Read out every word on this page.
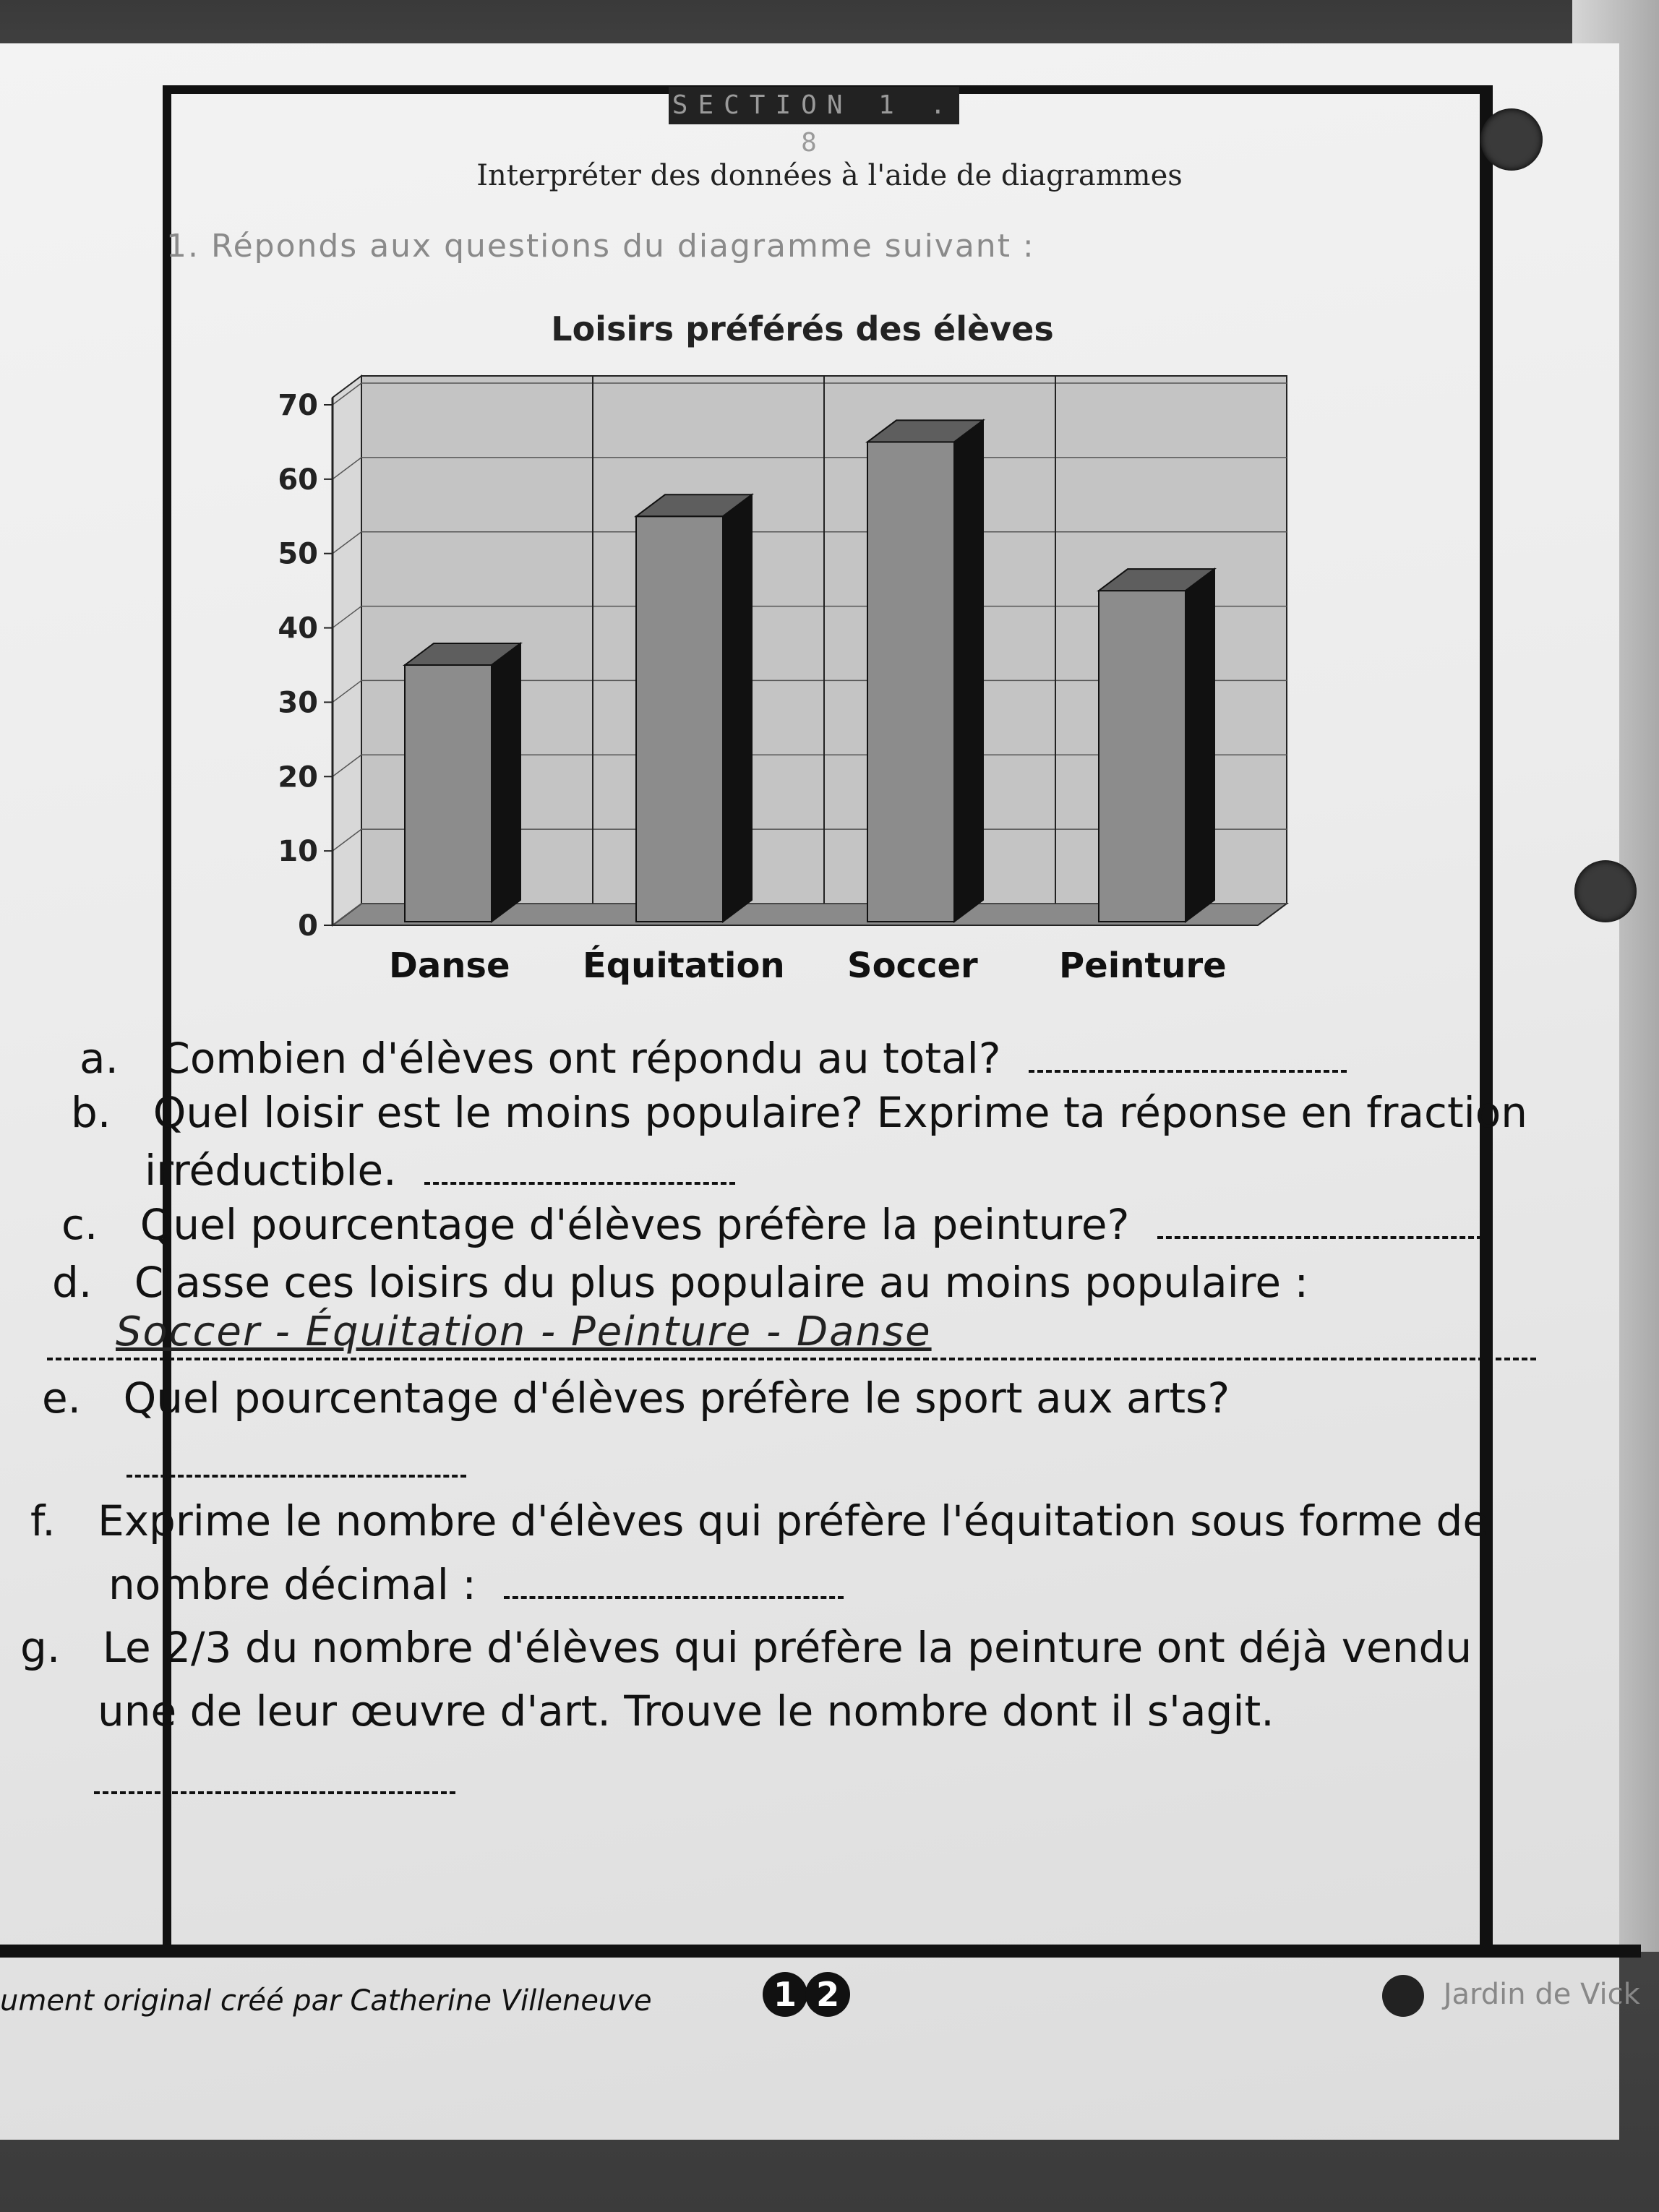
SECTION 1 . 8
Interpréter des données à l'aide de diagrammes
1. Réponds aux questions du diagramme suivant :
Loisirs préférés des élèves
0
10
20
30
40
50
60
70
Danse Équitation Soccer Peinture
a. Combien d'élèves ont répondu au total?
b. Quel loisir est le moins populaire? Exprime ta réponse en fraction
irréductible.
c. Quel pourcentage d'élèves préfère la peinture?
d. Classe ces loisirs du plus populaire au moins populaire :
Soccer - Équitation - Peinture - Danse
e. Quel pourcentage d'élèves préfère le sport aux arts?
f. Exprime le nombre d'élèves qui préfère l'équitation sous forme de
nombre décimal :
g. Le 2/3 du nombre d'élèves qui préfère la peinture ont déjà vendu
une de leur œuvre d'art. Trouve le nombre dont il s'agit.
ument original créé par Catherine Villeneuve	1 2	Jardin de Vick
